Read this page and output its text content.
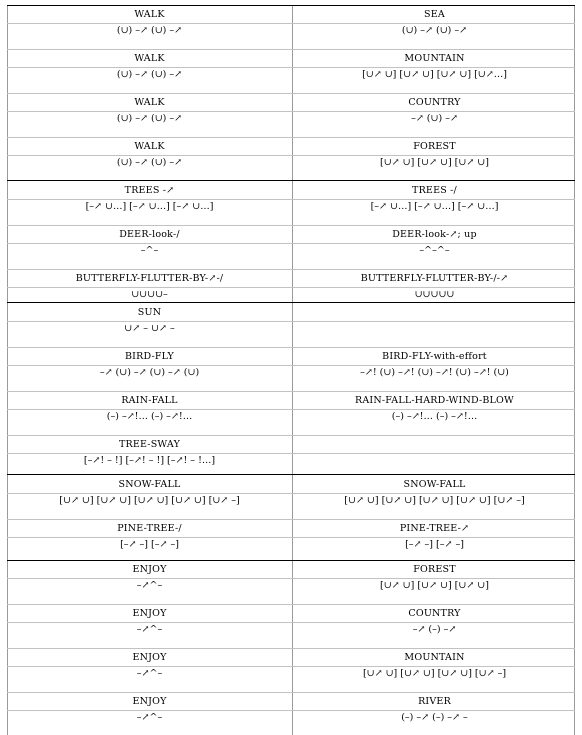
WALK
(∪) –↗ (∪) –↗
SEA
(∪) –↗ (∪) –↗
WALK
(∪) –↗ (∪) –↗
MOUNTAIN
[∪↗ ∪] [∪↗ ∪] [∪↗ ∪] [∪↗…]
WALK
(∪) –↗ (∪) –↗
COUNTRY
–↗ (∪) –↗
WALK
(∪) –↗ (∪) –↗
FOREST
[∪↗ ∪] [∪↗ ∪] [∪↗ ∪]
TREES -↗
[–↗ ∪…] [–↗ ∪…] [–↗ ∪…]
TREES -/
[–↗ ∪…] [–↗ ∪…] [–↗ ∪…]
DEER-look-/
–^–
DEER-look-↗; up
–^–^–
BUTTERFLY-FLUTTER-BY-↗-/
∪∪∪∪–
BUTTERFLY-FLUTTER-BY-/-↗
∪∪∪∪∪
SUN
∪↗ – ∪↗ –
BIRD-FLY
–↗ (∪) –↗ (∪) –↗ (∪)
BIRD-FLY-with-effort
–↗! (∪) –↗! (∪) –↗! (∪) –↗! (∪)
RAIN-FALL
(–) –↗!… (–) –↗!…
RAIN-FALL-HARD-WIND-BLOW
(–) –↗!… (–) –↗!…
TREE-SWAY
[–↗! – !] [–↗! – !] [–↗! – !…]
SNOW-FALL
[∪↗ ∪] [∪↗ ∪] [∪↗ ∪] [∪↗ ∪] [∪↗ –]
SNOW-FALL
[∪↗ ∪] [∪↗ ∪] [∪↗ ∪] [∪↗ ∪] [∪↗ –]
PINE-TREE-/
[–↗ –] [–↗ –]
PINE-TREE-↗
[–↗ –] [–↗ –]
ENJOY
–↗^–
FOREST
[∪↗ ∪] [∪↗ ∪] [∪↗ ∪]
ENJOY
–↗^–
COUNTRY
–↗ (–) –↗
ENJOY
–↗^–
MOUNTAIN
[∪↗ ∪] [∪↗ ∪] [∪↗ ∪] [∪↗ –]
ENJOY
–↗^–
RIVER
(–) –↗ (–) –↗ –
